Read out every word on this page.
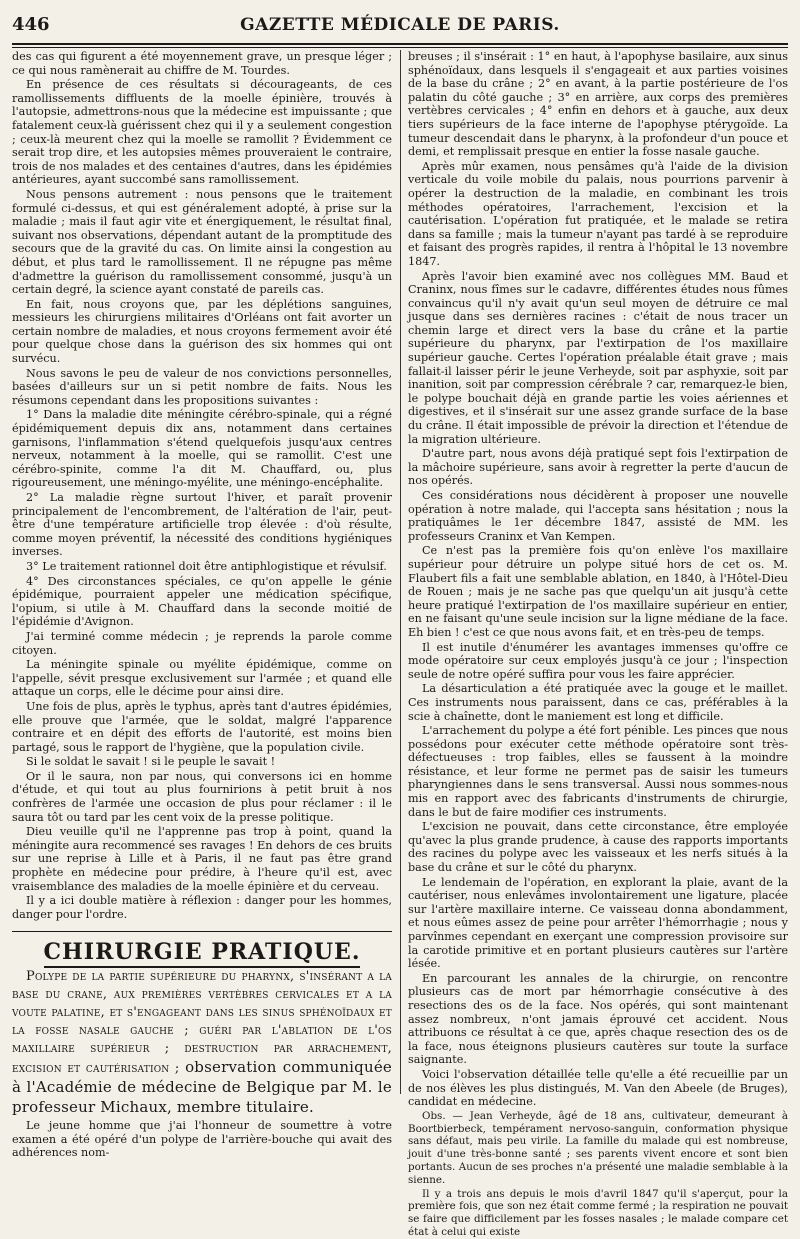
446	GAZETTE MÉDICALE DE PARIS.

des cas qui figurent a été moyennement grave, un presque léger ; ce qui nous ramènerait au chiffre de M. Tourdes.

En présence de ces résultats si décourageants, de ces ramollissements diffluents de la moelle épinière, trouvés à l'autopsie, admettrons-nous que la médecine est impuissante ; que fatalement ceux-là guérissent chez qui il y a seulement congestion ; ceux-là meurent chez qui la moelle se ramollit ? Évidemment ce serait trop dire, et les autopsies mêmes prouveraient le contraire, trois de nos malades et des centaines d'autres, dans les épidémies antérieures, ayant succombé sans ramollissement.

Nous pensons autrement : nous pensons que le traitement formulé ci-dessus, et qui est généralement adopté, à prise sur la maladie ; mais il faut agir vite et énergiquement, le résultat final, suivant nos observations, dépendant autant de la promptitude des secours que de la gravité du cas. On limite ainsi la congestion au début, et plus tard le ramollissement. Il ne répugne pas même d'admettre la guérison du ramollissement consommé, jusqu'à un certain degré, la science ayant constaté de pareils cas.

En fait, nous croyons que, par les déplétions sanguines, messieurs les chirurgiens militaires d'Orléans ont fait avorter un certain nombre de maladies, et nous croyons fermement avoir été pour quelque chose dans la guérison des six hommes qui ont survécu.

Nous savons le peu de valeur de nos convictions personnelles, basées d'ailleurs sur un si petit nombre de faits. Nous les résumons cependant dans les propositions suivantes :

1° Dans la maladie dite méningite cérébro-spinale, qui a régné épidémiquement depuis dix ans, notamment dans certaines garnisons, l'inflammation s'étend quelquefois jusqu'aux centres nerveux, notamment à la moelle, qui se ramollit. C'est une cérébro-spinite, comme l'a dit M. Chauffard, ou, plus rigoureusement, une méningo-myélite, une méningo-encéphalite.

2° La maladie règne surtout l'hiver, et paraît provenir principalement de l'encombrement, de l'altération de l'air, peut-être d'une température artificielle trop élevée : d'où résulte, comme moyen préventif, la nécessité des conditions hygiéniques inverses.

3° Le traitement rationnel doit être antiphlogistique et révulsif.

4° Des circonstances spéciales, ce qu'on appelle le génie épidémique, pourraient appeler une médication spécifique, l'opium, si utile à M. Chauffard dans la seconde moitié de l'épidémie d'Avignon.

J'ai terminé comme médecin ; je reprends la parole comme citoyen.

La méningite spinale ou myélite épidémique, comme on l'appelle, sévit presque exclusivement sur l'armée ; et quand elle attaque un corps, elle le décime pour ainsi dire.

Une fois de plus, après le typhus, après tant d'autres épidémies, elle prouve que l'armée, que le soldat, malgré l'apparence contraire et en dépit des efforts de l'autorité, est moins bien partagé, sous le rapport de l'hygiène, que la population civile.

Si le soldat le savait ! si le peuple le savait !

Or il le saura, non par nous, qui conversons ici en homme d'étude, et qui tout au plus fournirions à petit bruit à nos confrères de l'armée une occasion de plus pour réclamer : il le saura tôt ou tard par les cent voix de la presse politique.

Dieu veuille qu'il ne l'apprenne pas trop à point, quand la méningite aura recommencé ses ravages ! En dehors de ces bruits sur une reprise à Lille et à Paris, il ne faut pas être grand prophète en médecine pour prédire, à l'heure qu'il est, avec vraisemblance des maladies de la moelle épinière et du cerveau.

Il y a ici double matière à réflexion : danger pour les hommes, danger pour l'ordre.

CHIRURGIE PRATIQUE.

Polype de la partie supérieure du pharynx, s'insérant a la base du crane, aux premières vertèbres cervicales et a la voute palatine, et s'engageant dans les sinus sphénoïdaux et la fosse nasale gauche ; guéri par l'ablation de l'os maxillaire supérieur ; destruction par arrachement, excision et cautérisation ; observation communiquée à l'Académie de médecine de Belgique par M. le professeur Michaux, membre titulaire.

Le jeune homme que j'ai l'honneur de soumettre à votre examen a été opéré d'un polype de l'arrière-bouche qui avait des adhérences nom-

breuses ; il s'insérait : 1° en haut, à l'apophyse basilaire, aux sinus sphénoïdaux, dans lesquels il s'engageait et aux parties voisines de la base du crâne ; 2° en avant, à la partie postérieure de l'os palatin du côté gauche ; 3° en arrière, aux corps des premières vertèbres cervicales ; 4° enfin en dehors et à gauche, aux deux tiers supérieurs de la face interne de l'apophyse ptérygoïde. La tumeur descendait dans le pharynx, à la profondeur d'un pouce et demi, et remplissait presque en entier la fosse nasale gauche.

Après mûr examen, nous pensâmes qu'à l'aide de la division verticale du voile mobile du palais, nous pourrions parvenir à opérer la destruction de la maladie, en combinant les trois méthodes opératoires, l'arrachement, l'excision et la cautérisation. L'opération fut pratiquée, et le malade se retira dans sa famille ; mais la tumeur n'ayant pas tardé à se reproduire et faisant des progrès rapides, il rentra à l'hôpital le 13 novembre 1847.

Après l'avoir bien examiné avec nos collègues MM. Baud et Craninx, nous fîmes sur le cadavre, différentes études nous fûmes convaincus qu'il n'y avait qu'un seul moyen de détruire ce mal jusque dans ses dernières racines : c'était de nous tracer un chemin large et direct vers la base du crâne et la partie supérieure du pharynx, par l'extirpation de l'os maxillaire supérieur gauche. Certes l'opération préalable était grave ; mais fallait-il laisser périr le jeune Verheyde, soit par asphyxie, soit par inanition, soit par compression cérébrale ? car, remarquez-le bien, le polype bouchait déjà en grande partie les voies aériennes et digestives, et il s'insérait sur une assez grande surface de la base du crâne. Il était impossible de prévoir la direction et l'étendue de la migration ultérieure.

D'autre part, nous avons déjà pratiqué sept fois l'extirpation de la mâchoire supérieure, sans avoir à regretter la perte d'aucun de nos opérés.

Ces considérations nous décidèrent à proposer une nouvelle opération à notre malade, qui l'accepta sans hésitation ; nous la pratiquâmes le 1er décembre 1847, assisté de MM. les professeurs Craninx et Van Kempen.

Ce n'est pas la première fois qu'on enlève l'os maxillaire supérieur pour détruire un polype situé hors de cet os. M. Flaubert fils a fait une semblable ablation, en 1840, à l'Hôtel-Dieu de Rouen ; mais je ne sache pas que quelqu'un ait jusqu'à cette heure pratiqué l'extirpation de l'os maxillaire supérieur en entier, en ne faisant qu'une seule incision sur la ligne médiane de la face. Eh bien ! c'est ce que nous avons fait, et en très-peu de temps.

Il est inutile d'énumérer les avantages immenses qu'offre ce mode opératoire sur ceux employés jusqu'à ce jour ; l'inspection seule de notre opéré suffira pour vous les faire apprécier.

La désarticulation a été pratiquée avec la gouge et le maillet. Ces instruments nous paraissent, dans ce cas, préférables à la scie à chaînette, dont le maniement est long et difficile.

L'arrachement du polype a été fort pénible. Les pinces que nous possédons pour exécuter cette méthode opératoire sont très-défectueuses : trop faibles, elles se faussent à la moindre résistance, et leur forme ne permet pas de saisir les tumeurs pharyngiennes dans le sens transversal. Aussi nous sommes-nous mis en rapport avec des fabricants d'instruments de chirurgie, dans le but de faire modifier ces instruments.

L'excision ne pouvait, dans cette circonstance, être employée qu'avec la plus grande prudence, à cause des rapports importants des racines du polype avec les vaisseaux et les nerfs situés à la base du crâne et sur le côté du pharynx.

Le lendemain de l'opération, en explorant la plaie, avant de la cautériser, nous enlevâmes involontairement une ligature, placée sur l'artère maxillaire interne. Ce vaisseau donna abondamment, et nous eûmes assez de peine pour arrêter l'hémorrhagie ; nous y parvînmes cependant en exerçant une compression provisoire sur la carotide primitive et en portant plusieurs cautères sur l'artère lésée.

En parcourant les annales de la chirurgie, on rencontre plusieurs cas de mort par hémorrhagie consécutive à des resections des os de la face. Nos opérés, qui sont maintenant assez nombreux, n'ont jamais éprouvé cet accident. Nous attribuons ce résultat à ce que, après chaque resection des os de la face, nous éteignons plusieurs cautères sur toute la surface saignante.

Voici l'observation détaillée telle qu'elle a été recueillie par un de nos élèves les plus distingués, M. Van den Abeele (de Bruges), candidat en médecine.

Obs. — Jean Verheyde, âgé de 18 ans, cultivateur, demeurant à Boortbierbeck, tempérament nervoso-sanguin, conformation physique sans défaut, mais peu virile. La famille du malade qui est nombreuse, jouit d'une très-bonne santé ; ses parents vivent encore et sont bien portants. Aucun de ses proches n'a présenté une maladie semblable à la sienne.

Il y a trois ans depuis le mois d'avril 1847 qu'il s'aperçut, pour la première fois, que son nez était comme fermé ; la respiration ne pouvait se faire que difficilement par les fosses nasales ; le malade compare cet état à celui qui existe
